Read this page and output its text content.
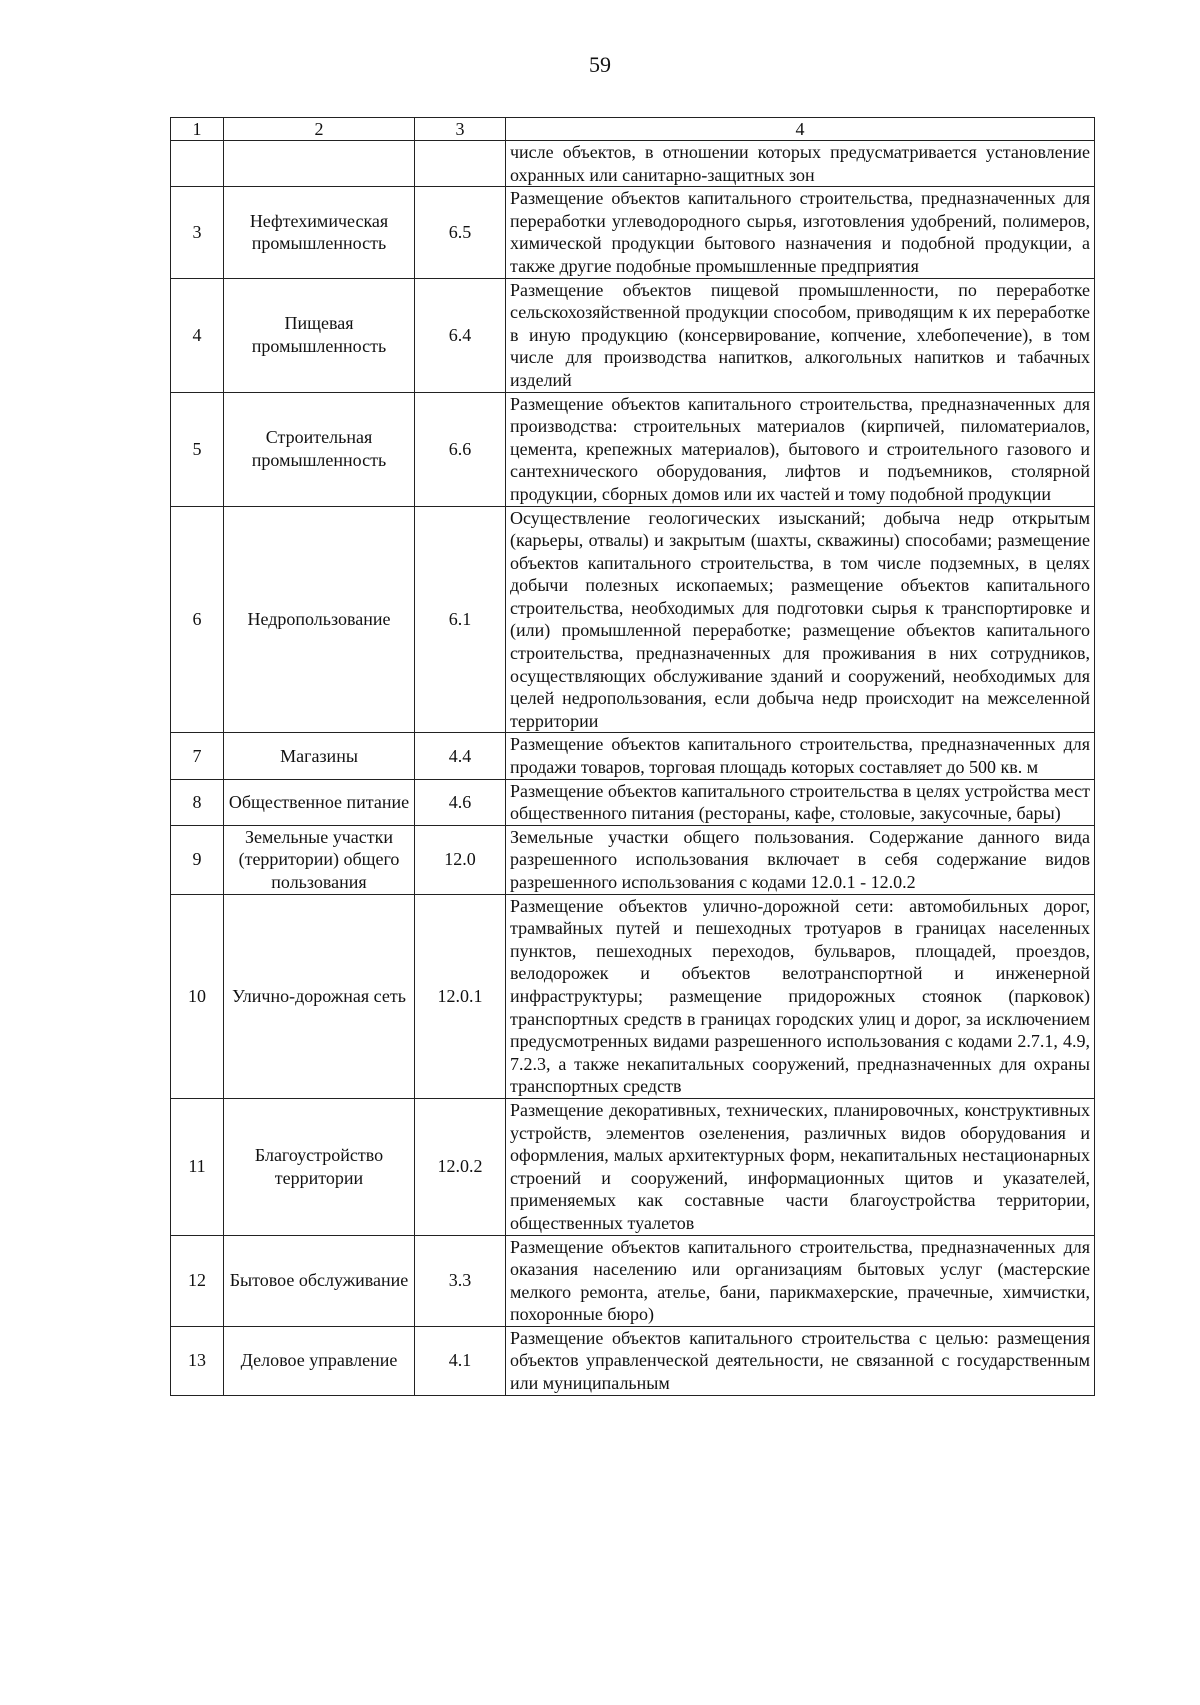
59
1	2	3	4
			числе объектов, в отношении которых предусматривается установление охранных или санитарно-защитных зон
3	Нефтехимическая промышленность	6.5	Размещение объектов капитального строительства, предназначенных для переработки углеводородного сырья, изготовления удобрений, полимеров, химической продукции бытового назначения и подобной продукции, а также другие подобные промышленные предприятия
4	Пищевая промышленность	6.4	Размещение объектов пищевой промышленности, по переработке сельскохозяйственной продукции способом, приводящим к их переработке в иную продукцию (консервирование, копчение, хлебопечение), в том числе для производства напитков, алкогольных напитков и табачных изделий
5	Строительная промышленность	6.6	Размещение объектов капитального строительства, предназначенных для производства: строительных материалов (кирпичей, пиломатериалов, цемента, крепежных материалов), бытового и строительного газового и сантехнического оборудования, лифтов и подъемников, столярной продукции, сборных домов или их частей и тому подобной продукции
6	Недропользование	6.1	Осуществление геологических изысканий; добыча недр открытым (карьеры, отвалы) и закрытым (шахты, скважины) способами; размещение объектов капитального строительства, в том числе подземных, в целях добычи полезных ископаемых; размещение объектов капитального строительства, необходимых для подготовки сырья к транспортировке и (или) промышленной переработке; размещение объектов капитального строительства, предназначенных для проживания в них сотрудников, осуществляющих обслуживание зданий и сооружений, необходимых для целей недропользования, если добыча недр происходит на межселенной территории
7	Магазины	4.4	Размещение объектов капитального строительства, предназначенных для продажи товаров, торговая площадь которых составляет до 500 кв. м
8	Общественное питание	4.6	Размещение объектов капитального строительства в целях устройства мест общественного питания (рестораны, кафе, столовые, закусочные, бары)
9	Земельные участки (территории) общего пользования	12.0	Земельные участки общего пользования. Содержание данного вида разрешенного использования включает в себя содержание видов разрешенного использования с кодами 12.0.1 - 12.0.2
10	Улично-дорожная сеть	12.0.1	Размещение объектов улично-дорожной сети: автомобильных дорог, трамвайных путей и пешеходных тротуаров в границах населенных пунктов, пешеходных переходов, бульваров, площадей, проездов, велодорожек и объектов велотранспортной и инженерной инфраструктуры; размещение придорожных стоянок (парковок) транспортных средств в границах городских улиц и дорог, за исключением предусмотренных видами разрешенного использования с кодами 2.7.1, 4.9, 7.2.3, а также некапитальных сооружений, предназначенных для охраны транспортных средств
11	Благоустройство территории	12.0.2	Размещение декоративных, технических, планировочных, конструктивных устройств, элементов озеленения, различных видов оборудования и оформления, малых архитектурных форм, некапитальных нестационарных строений и сооружений, информационных щитов и указателей, применяемых как составные части благоустройства территории, общественных туалетов
12	Бытовое обслуживание	3.3	Размещение объектов капитального строительства, предназначенных для оказания населению или организациям бытовых услуг (мастерские мелкого ремонта, ателье, бани, парикмахерские, прачечные, химчистки, похоронные бюро)
13	Деловое управление	4.1	Размещение объектов капитального строительства с целью: размещения объектов управленческой деятельности, не связанной с государственным или муниципальным
